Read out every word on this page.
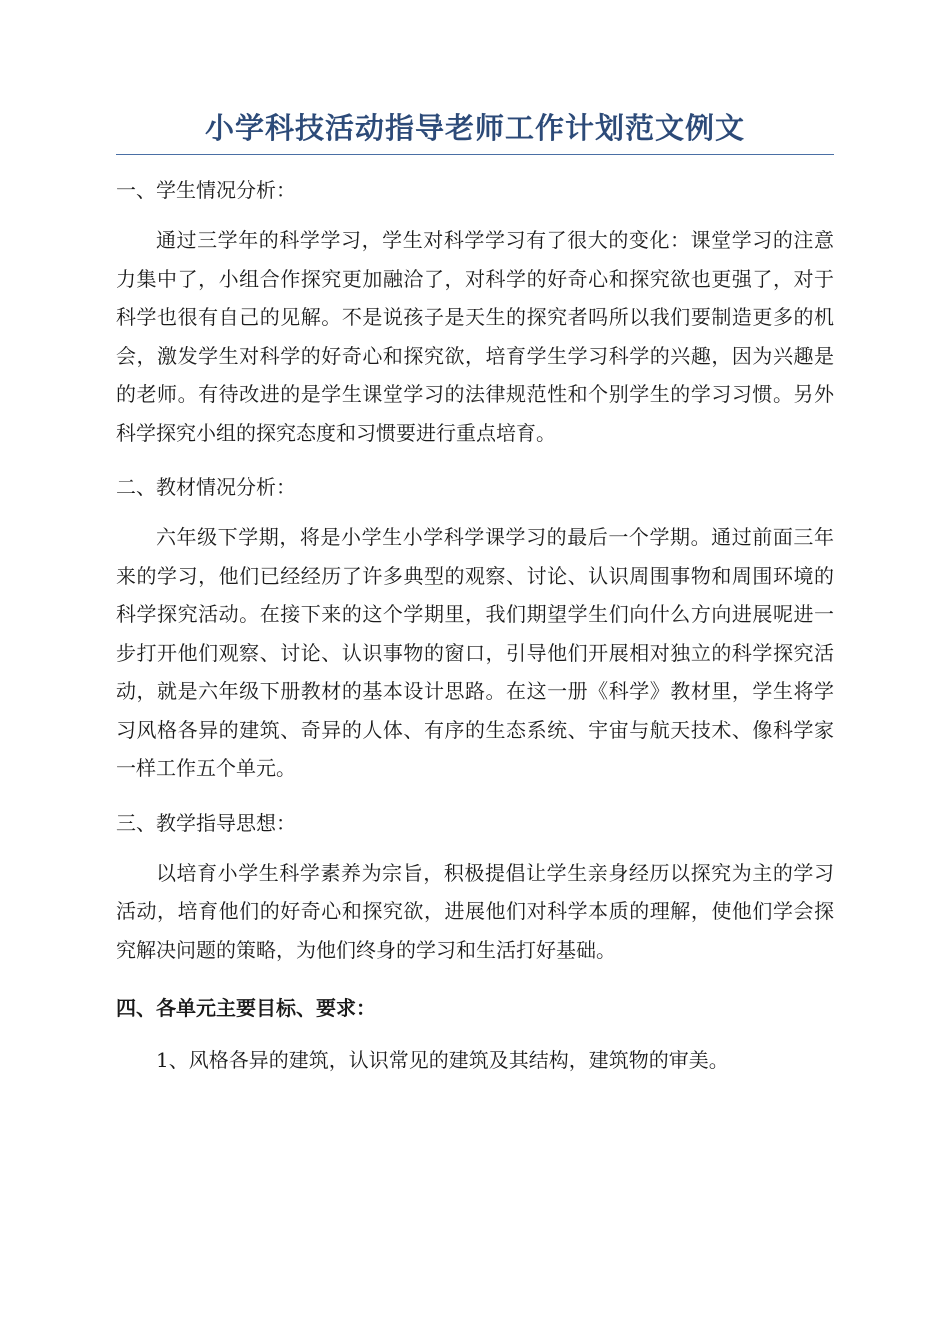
小学科技活动指导老师工作计划范文例文

一、学生情况分析：

通过三学年的科学学习，学生对科学学习有了很大的变化：课堂学习的注意力集中了，小组合作探究更加融洽了，对科学的好奇心和探究欲也更强了，对于科学也很有自己的见解。不是说孩子是天生的探究者吗所以我们要制造更多的机会，激发学生对科学的好奇心和探究欲，培育学生学习科学的兴趣，因为兴趣是的老师。有待改进的是学生课堂学习的法律规范性和个别学生的学习习惯。另外科学探究小组的探究态度和习惯要进行重点培育。

二、教材情况分析：

六年级下学期，将是小学生小学科学课学习的最后一个学期。通过前面三年来的学习，他们已经经历了许多典型的观察、讨论、认识周围事物和周围环境的科学探究活动。在接下来的这个学期里，我们期望学生们向什么方向进展呢进一步打开他们观察、讨论、认识事物的窗口，引导他们开展相对独立的科学探究活动，就是六年级下册教材的基本设计思路。在这一册《科学》教材里，学生将学习风格各异的建筑、奇异的人体、有序的生态系统、宇宙与航天技术、像科学家一样工作五个单元。

三、教学指导思想：

以培育小学生科学素养为宗旨，积极提倡让学生亲身经历以探究为主的学习活动，培育他们的好奇心和探究欲，进展他们对科学本质的理解，使他们学会探究解决问题的策略，为他们终身的学习和生活打好基础。

四、各单元主要目标、要求：

1、风格各异的建筑，认识常见的建筑及其结构，建筑物的审美。
